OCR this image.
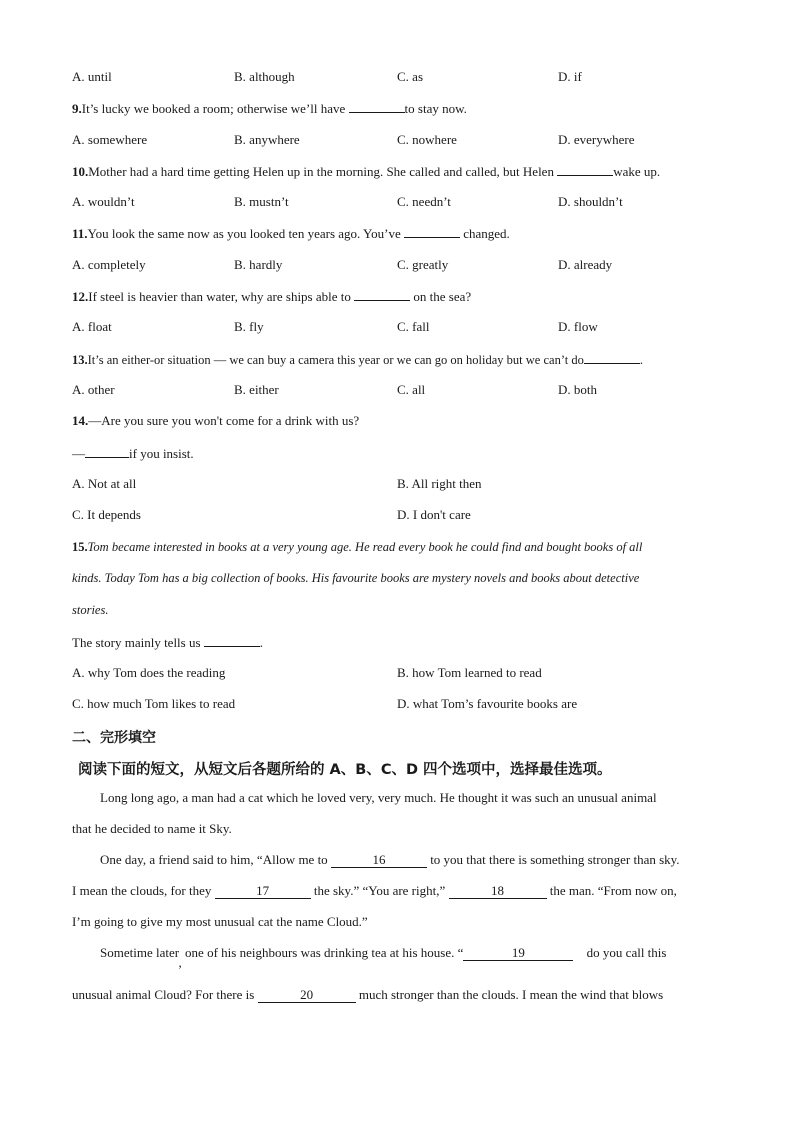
A. until	B. although	C. as	D. if
9.It’s lucky we booked a room; otherwise we’ll have	to stay now.
A. somewhere	B. anywhere	C. nowhere	D. everywhere
10.Mother had a hard time getting Helen up in the morning. She called and called, but Helen	wake up.
A. wouldn’t	B. mustn’t	C. needn’t	D. shouldn’t
11.You look the same now as you looked ten years ago. You’ve	changed.
A. completely	B. hardly	C. greatly	D. already
12.If steel is heavier than water, why are ships able to	on the sea?
A. float	B. fly	C. fall	D. flow
13.It’s an either-or situation — we can buy a camera this year or we can go on holiday but we can’t do	.
A. other	B. either	C. all	D. both
14.—Are you sure you won't come for a drink with us?
—	if you insist.
A. Not at all	B. All right then
C. It depends	D. I don't care
15.Tom became interested in books at a very young age. He read every book he could find and bought books of all
kinds. Today Tom has a big collection of books. His favourite books are mystery novels and books about detective
stories.
The story mainly tells us	.
A. why Tom does the reading	B. how Tom learned to read
C. how much Tom likes to read	D. what Tom’s favourite books are
二、完形填空
阅读下面的短文，从短文后各题所给的 A、B、C、D 四个选项中，选择最佳选项。
Long long ago, a man had a cat which he loved very, very much. He thought it was such an unusual animal
that he decided to name it Sky.
One day, a friend said to him, “Allow me to	16	to you that there is something stronger than sky.
I mean the clouds, for they	17	the sky.” “You are right,”	18	the man. “From now on,
I’m going to give my most unusual cat the name Cloud.”
Sometime later, one of his neighbours was drinking tea at his house. “	19	do you call this
unusual animal Cloud? For there is	20	much stronger than the clouds. I mean the wind that blows
